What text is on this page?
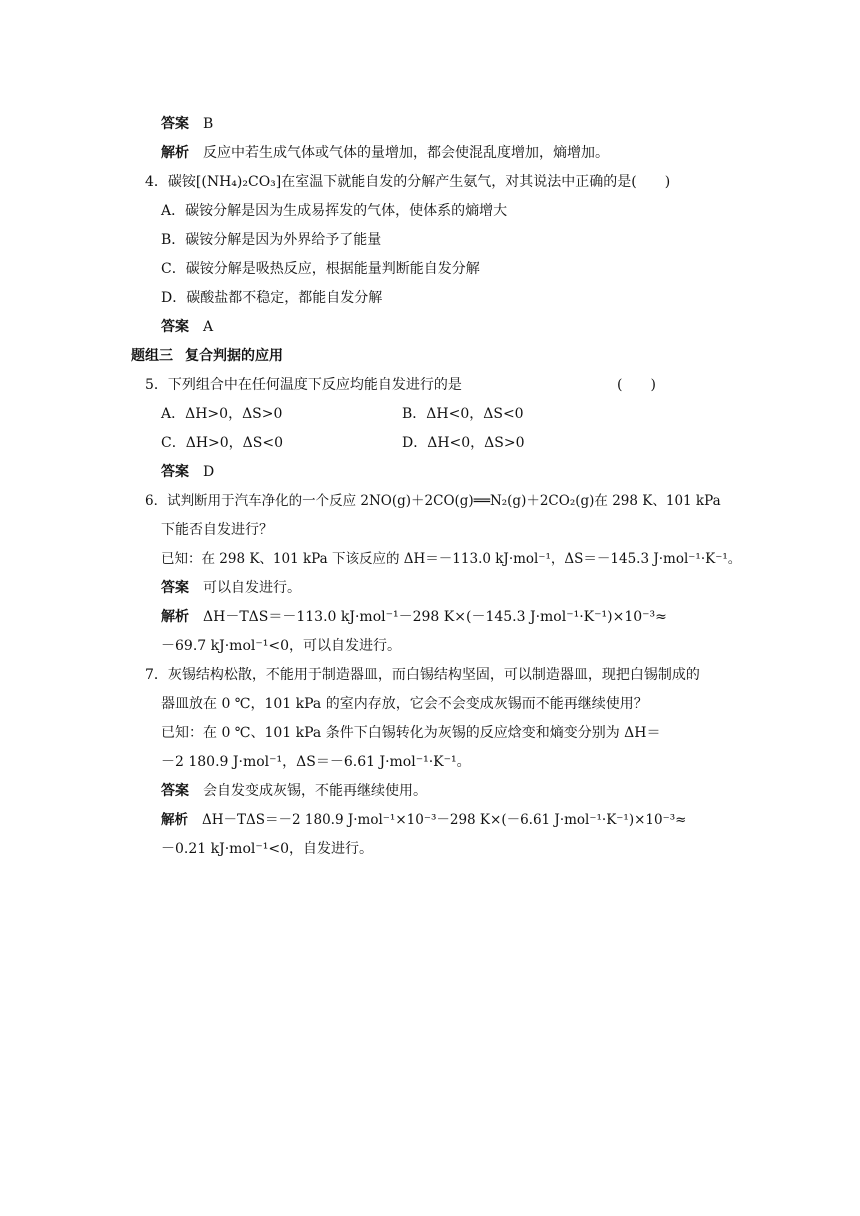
答案 B
解析 反应中若生成气体或气体的量增加，都会使混乱度增加，熵增加。
4．碳铵[(NH₄)₂CO₃]在室温下就能自发的分解产生氨气，对其说法中正确的是(　　)
A．碳铵分解是因为生成易挥发的气体，使体系的熵增大
B．碳铵分解是因为外界给予了能量
C．碳铵分解是吸热反应，根据能量判断能自发分解
D．碳酸盐都不稳定，都能自发分解
答案 A
题组三 复合判据的应用
5．下列组合中在任何温度下反应均能自发进行的是	(　　)
A．ΔH>0，ΔS>0	B．ΔH<0，ΔS<0
C．ΔH>0，ΔS<0	D．ΔH<0，ΔS>0
答案 D
6．试判断用于汽车净化的一个反应 2NO(g)＋2CO(g)══N₂(g)＋2CO₂(g)在 298 K、101 kPa
下能否自发进行？
已知：在 298 K、101 kPa 下该反应的 ΔH＝－113.0 kJ·mol⁻¹，ΔS＝－145.3 J·mol⁻¹·K⁻¹。
答案 可以自发进行。
解析 ΔH－TΔS＝－113.0 kJ·mol⁻¹－298 K×(－145.3 J·mol⁻¹·K⁻¹)×10⁻³≈
－69.7 kJ·mol⁻¹<0，可以自发进行。
7．灰锡结构松散，不能用于制造器皿，而白锡结构坚固，可以制造器皿，现把白锡制成的
器皿放在 0 ℃，101 kPa 的室内存放，它会不会变成灰锡而不能再继续使用？
已知：在 0 ℃、101 kPa 条件下白锡转化为灰锡的反应焓变和熵变分别为 ΔH＝
－2 180.9 J·mol⁻¹，ΔS＝－6.61 J·mol⁻¹·K⁻¹。
答案 会自发变成灰锡，不能再继续使用。
解析 ΔH－TΔS＝－2 180.9 J·mol⁻¹×10⁻³－298 K×(－6.61 J·mol⁻¹·K⁻¹)×10⁻³≈
－0.21 kJ·mol⁻¹<0，自发进行。
